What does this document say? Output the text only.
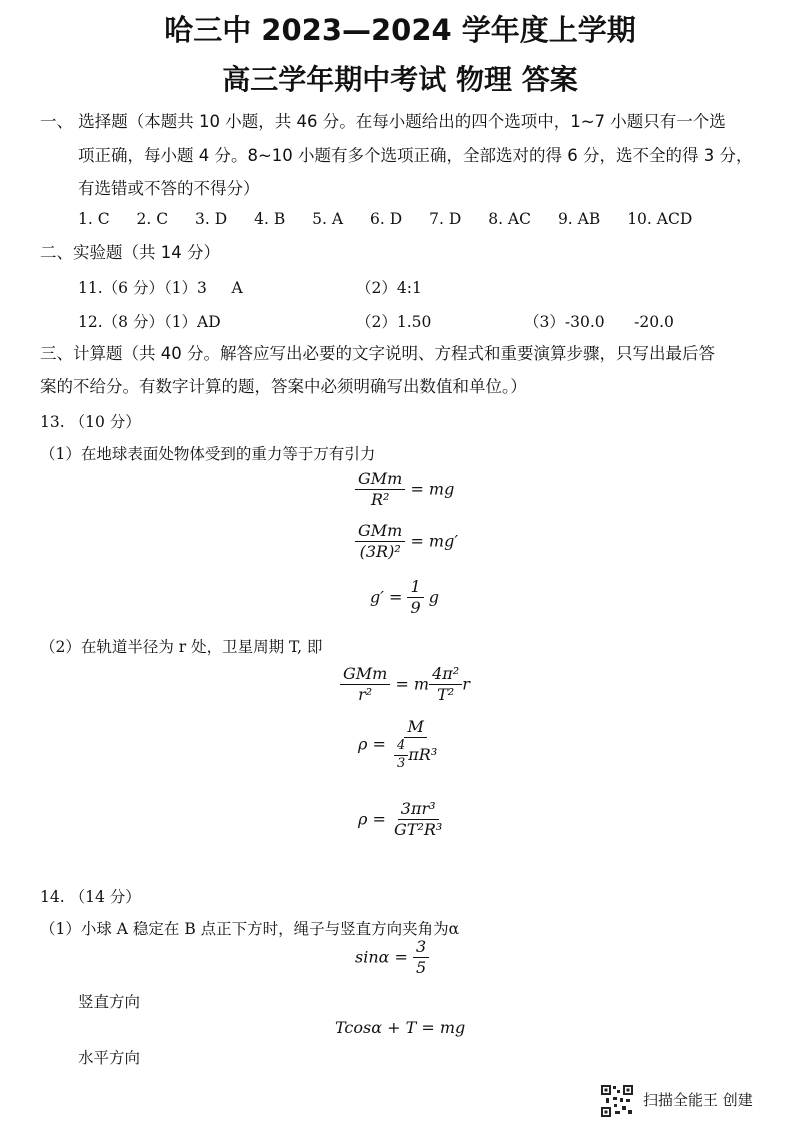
哈三中 2023—2024 学年度上学期
高三学年期中考试 物理 答案
一、 选择题（本题共 10 小题，共 46 分。在每小题给出的四个选项中，1~7 小题只有一个选
项正确，每小题 4 分。8~10 小题有多个选项正确，全部选对的得 6 分，选不全的得 3 分，
有选错或不答的不得分）
1. C 2. C 3. D 4. B 5. A 6. D 7. D 8. AC 9. AB 10. ACD
二、实验题（共 14 分）
11.（6 分）（1）3     A	（2）4:1
12.（8 分）（1）AD	（2）1.50	（3）-30.0      -20.0
三、计算题（共 40 分。解答应写出必要的文字说明、方程式和重要演算步骤，只写出最后答
案的不给分。有数字计算的题，答案中必须明确写出数值和单位。）
13. （10 分）
（1）在地球表面处物体受到的重力等于万有引力
$\frac{\text{GMm}}{\text{R²}}$ = mg
$\frac{\text{GMm}}{\text{(3R)²}} = mg'$
$g' = \frac{1}{9}$ g
（2）在轨道半径为 r 处，卫星周期 T, 即
$\frac{\text{GMm}}{\text{r²}} = m \frac{\text{4π²}}{\text{T²}}$ r
$\rho = \frac{M}{\frac{4}{3} \pi R^3}$
$\rho = \frac{\text{3πr³}}{\text{GT²R³}}$
14. （14 分）
（1）小球 A 稳定在 B 点正下方时，绳子与竖直方向夹角为α
$\sin\alpha = \frac{3}{5}$
竖直方向
Tcosα + T = mg
水平方向
扫描全能王 创建
